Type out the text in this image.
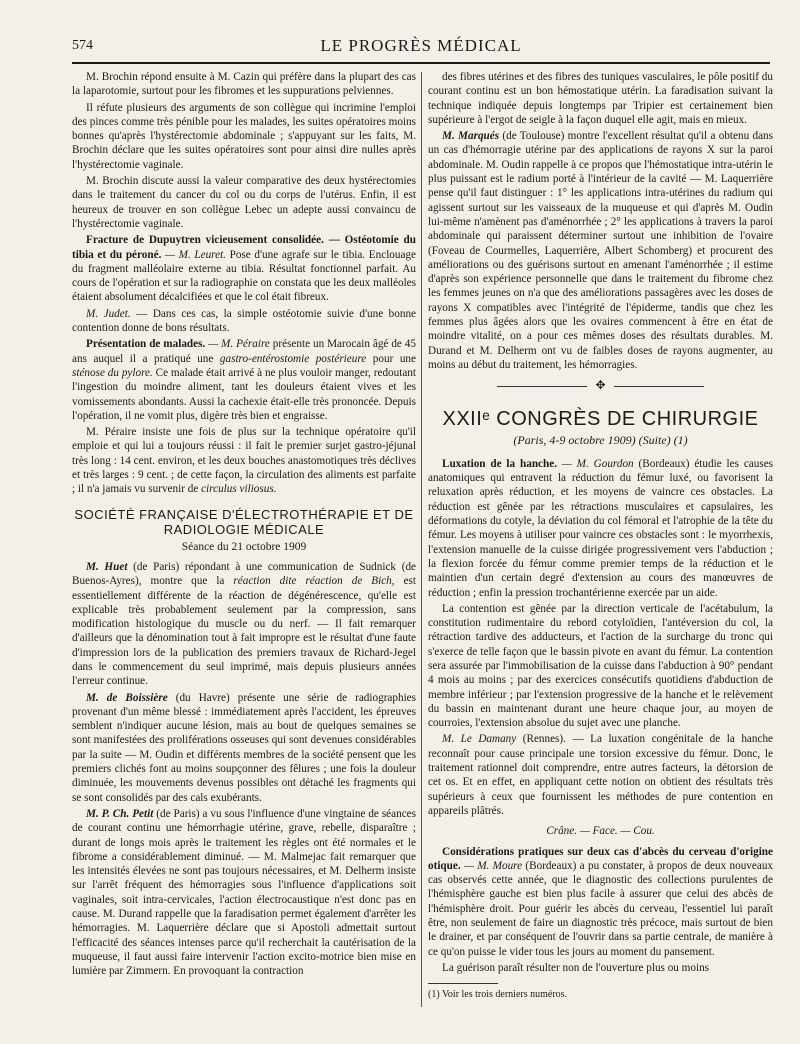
574	LE PROGRÈS MÉDICAL

M. Brochin répond ensuite à M. Cazin qui préfère dans la plupart des cas la laparotomie, surtout pour les fibromes et les suppurations pelviennes.

Il réfute plusieurs des arguments de son collègue qui incrimine l'emploi des pinces comme très pénible pour les malades, les suites opératoires moins bonnes qu'après l'hystérectomie abdominale ; s'appuyant sur les faits, M. Brochin déclare que les suites opératoires sont pour ainsi dire nulles après l'hystérectomie vaginale.

M. Brochin discute aussi la valeur comparative des deux hystérectomies dans le traitement du cancer du col ou du corps de l'utérus. Enfin, il est heureux de trouver en son collègue Lebec un adepte aussi convaincu de l'hystérectomie vaginale.

Fracture de Dupuytren vicieusement consolidée. — Ostéotomie du tibia et du péroné. — M. Leuret. Pose d'une agrafe sur le tibia. Enclouage du fragment malléolaire externe au tibia. Résultat fonctionnel parfait. Au cours de l'opération et sur la radiographie on constata que les deux malléoles étaient absolument décalcifiées et que le col était fibreux.

M. Judet. — Dans ces cas, la simple ostéotomie suivie d'une bonne contention donne de bons résultats.

Présentation de malades. — M. Péraire présente un Marocain âgé de 45 ans auquel il a pratiqué une gastro-entérostomie postérieure pour une sténose du pylore. Ce malade était arrivé à ne plus vouloir manger, redoutant l'ingestion du moindre aliment, tant les douleurs étaient vives et les vomissements abondants. Aussi la cachexie était-elle très prononcée. Depuis l'opération, il ne vomit plus, digère très bien et engraisse.

M. Péraire insiste une fois de plus sur la technique opératoire qu'il emploie et qui lui a toujours réussi : il fait le premier surjet gastro-jéjunal très long : 14 cent. environ, et les deux bouches anastomotiques très déclives et très larges : 9 cent. ; de cette façon, la circulation des aliments est parfaite ; il n'a jamais vu survenir de circulus viliosus.

SOCIÉTÉ FRANÇAISE D'ÉLECTROTHÉRAPIE ET DE RADIOLOGIE MÉDICALE
Séance du 21 octobre 1909

M. Huet (de Paris) répondant à une communication de Sudnick (de Buenos-Ayres), montre que la réaction dite réaction de Bich, est essentiellement différente de la réaction de dégénérescence, qu'elle est explicable très probablement seulement par la compression, sans modification histologique du muscle ou du nerf. — Il fait remarquer d'ailleurs que la dénomination tout à fait impropre est le résultat d'une faute d'impression lors de la publication des premiers travaux de Richard-Jegel dans le commencement du seul imprimé, mais depuis plusieurs années l'erreur continue.

M. de Boissière (du Havre) présente une série de radiographies provenant d'un même blessé : immédiatement après l'accident, les épreuves semblent n'indiquer aucune lésion, mais au bout de quelques semaines se sont manifestées des proliférations osseuses qui sont devenues considérables par la suite — M. Oudin et différents membres de la société pensent que les premiers clichés font au moins soupçonner des fêlures ; une fois la douleur diminuée, les mouvements devenus possibles ont détaché les fragments qui se sont consolidés par des cals exubérants.

M. P. Ch. Petit (de Paris) a vu sous l'influence d'une vingtaine de séances de courant continu une hémorrhagie utérine, grave, rebelle, disparaître ; durant de longs mois après le traitement les règles ont été normales et le fibrome a considérablement diminué. — M. Malmejac fait remarquer que les intensités élevées ne sont pas toujours nécessaires, et M. Delherm insiste sur l'arrêt fréquent des hémorragies sous l'influence d'applications soit vaginales, soit intra-cervicales, l'action électrocaustique n'est donc pas en cause. M. Durand rappelle que la faradisation permet également d'arrêter les hémorragies. M. Laquerrière déclare que si Apostoli admettait surtout l'efficacité des séances intenses parce qu'il recherchait la cautérisation de la muqueuse, il faut aussi faire intervenir l'action excito-motrice bien mise en lumière par Zimmern. En provoquant la contraction

des fibres utérines et des fibres des tuniques vasculaires, le pôle positif du courant continu est un bon hémostatique utérin. La faradisation suivant la technique indiquée depuis longtemps par Tripier est certainement bien supérieure à l'ergot de seigle à la façon duquel elle agit, mais en mieux.

M. Marqués (de Toulouse) montre l'excellent résultat qu'il a obtenu dans un cas d'hémorragie utérine par des applications de rayons X sur la paroi abdominale. M. Oudin rappelle à ce propos que l'hémostatique intra-utérin le plus puissant est le radium porté à l'intérieur de la cavité — M. Laquerrière pense qu'il faut distinguer : 1° les applications intra-utérines du radium qui agissent surtout sur les vaisseaux de la muqueuse et qui d'après M. Oudin lui-même n'amènent pas d'aménorrhée ; 2° les applications à travers la paroi abdominale qui paraissent déterminer surtout une inhibition de l'ovaire (Foveau de Courmelles, Laquerrière, Albert Schomberg) et procurent des améliorations ou des guérisons surtout en amenant l'aménorrhée ; il estime d'après son expérience personnelle que dans le traitement du fibrome chez les femmes jeunes on n'a que des améliorations passagères avec les doses de rayons X compatibles avec l'intégrité de l'épiderme, tandis que chez les femmes plus âgées alors que les ovaires commencent à être en état de moindre vitalité, on a pour ces mêmes doses des résultats durables. M. Durand et M. Delherm ont vu de faibles doses de rayons augmenter, au moins au début du traitement, les hémorragies.

✥
XXIIᵉ CONGRÈS DE CHIRURGIE
(Paris, 4-9 octobre 1909) (Suite) (1)

Luxation de la hanche. — M. Gourdon (Bordeaux) étudie les causes anatomiques qui entravent la réduction du fémur luxé, ou favorisent la reluxation après réduction, et les moyens de vaincre ces obstacles. La réduction est gênée par les rétractions musculaires et capsulaires, les déformations du cotyle, la déviation du col fémoral et l'atrophie de la tête du fémur. Les moyens à utiliser pour vaincre ces obstacles sont : le myorrhexis, l'extension manuelle de la cuisse dirigée progressivement vers l'abduction ; la flexion forcée du fémur comme premier temps de la réduction et le maintien d'un certain degré d'extension au cours des manœuvres de réduction ; enfin la pression trochantérienne exercée par un aide.

La contention est gênée par la direction verticale de l'acétabulum, la constitution rudimentaire du rebord cotyloïdien, l'antéversion du col, la rétraction tardive des adducteurs, et l'action de la surcharge du tronc qui s'exerce de telle façon que le bassin pivote en avant du fémur. La contention sera assurée par l'immobilisation de la cuisse dans l'abduction à 90° pendant 4 mois au moins ; par des exercices consécutifs quotidiens d'abduction de membre inférieur ; par l'extension progressive de la hanche et le relèvement du bassin en maintenant durant une heure chaque jour, au moyen de courroies, l'extension absolue du sujet avec une planche.

M. Le Damany (Rennes). — La luxation congénitale de la hanche reconnaît pour cause principale une torsion excessive du fémur. Donc, le traitement rationnel doit comprendre, entre autres facteurs, la détorsion de cet os. Et en effet, en appliquant cette notion on obtient des résultats très supérieurs à ceux que fournissent les méthodes de pure contention en appareils plâtrés.

Crâne. — Face. — Cou.

Considérations pratiques sur deux cas d'abcès du cerveau d'origine otique. — M. Moure (Bordeaux) a pu constater, à propos de deux nouveaux cas observés cette année, que le diagnostic des collections purulentes de l'hémisphère gauche est bien plus facile à assurer que celui des abcès de l'hémisphère droit. Pour guérir les abcès du cerveau, l'essentiel lui paraît être, non seulement de faire un diagnostic très précoce, mais surtout de bien le drainer, et par conséquent de l'ouvrir dans sa partie centrale, de manière à ce qu'on puisse le vider tous les jours au moment du pansement.

La guérison paraît résulter non de l'ouverture plus ou moins

(1) Voir les trois derniers numéros.
